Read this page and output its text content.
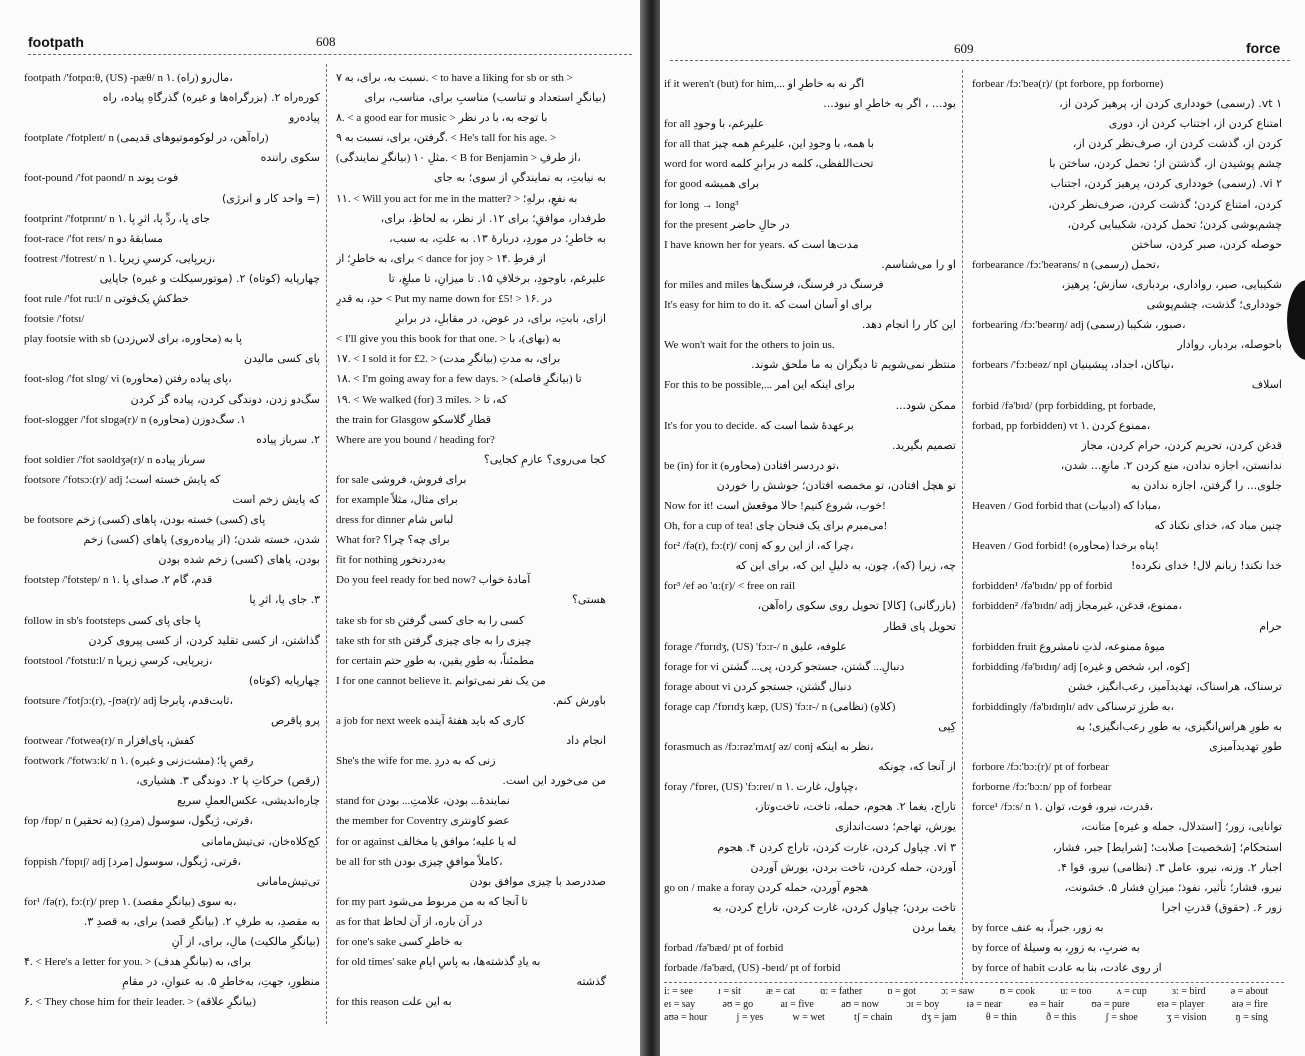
footpath	608
footpath /'fotpɑ:θ, (US) -pæθ/ n ۱. (راه) مال‌رو،
کوره‌راه ۲. (بزرگراه‌ها و غیره) گذرگاهِ پیاده، راه
پیاده‌رو
footplate /'fotpleɪt/ n (راه‌آهن، در لوکوموتیوهای قدیمی)
سکوی راننده
foot-pound /'fot paond/ n فوت پوند
(= واحد کار و انرژی)
footprint /'fotprɪnt/ n ۱. جای پا، ردِّ پا، اثرِ پا
foot-race /'fot reɪs/ n مسابقهٔ دو
footrest /'fotrest/ n ۱. زیرپایی، کرسیِ زیرپا،
چهارپایه (کوتاه) ۲. (موتورسیکلت و غیره) جاپایی
foot rule /'fot ru:l/ n خط‌کشِ یک‌فوتی
footsie /'fotsɪ/
play footsie with sb (محاوره، برای لاس‌زدن) پا به
پای کسی مالیدن
foot-slog /'fot slɒg/ vi (محاوره) پای پیاده رفتن،
سگ‌دو زدن، دوندگی کردن، پیاده گز کردن
foot-slogger /'fot slɒgə(r)/ n (محاوره) ۱. سگ‌دوزن
۲. سرباز پیاده
foot soldier /'fot səoldʒə(r)/ n سرباز پیاده
footsore /'fotsɔ:(r)/ adj که پایش خسته است؛
که پایش زخم است
be footsore پای (کسی) خسته بودن، پاهای (کسی) زخم
شدن، خسته شدن؛ (از پیاده‌روی) پاهای (کسی) زخم
بودن، پاهای (کسی) زخم شده بودن
footstep /'fotstep/ n ۱. قدم، گام ۲. صدای پا
۳. جای پا، اثرِ پا
follow in sb's footsteps پا جای پای کسی
گذاشتن، از کسی تقلید کردن، از کسی پیروی کردن
footstool /'fotstu:l/ n زیرپایی، کرسیِ زیرپا،
چهارپایه (کوتاه)
footsure /'fotʃɔ:(r), -ʃʊə(r)/ adj ثابت‌قدم، پابرجا،
پرو پاقرص
footwear /'fotweə(r)/ n کفش، پای‌افزار
footwork /'fotwɜ:k/ n ۱. (مشت‌زنی و غیره) رقصِ پا؛
(رقص) حرکاتِ پا ۲. دوندگی ۳. هشیاری،
چاره‌اندیشی، عکس‌العملِ سریع
fop /fɒp/ n (به تحقیر) (مردِ) قرتی، ژیگول، سوسول،
کج‌کلاه‌خان، تی‌تیش‌مامانی
foppish /'fɒpɪʃ/ adj [مرد] قرتی، ژیگول، سوسول،
تی‌تیش‌مامانی
for¹ /fə(r), fɔ:(r)/ prep ۱. (بیانگرِ مقصد) به سوی،
به مقصدِ، به طرفِ ۲. (بیانگرِ قصد) برای، به قصدِ ۳.
(بیانگرِ مالکیت) مالِ، برای، از آنِ
۴. < Here's a letter for you. > (بیانگرِ هدف) برای، به
منظورِ، جهتِ، به‌خاطرِ ۵. به عنوانِ، در مقامِ
۶. < They chose him for their leader. > (بیانگرِ علاقه)
نسبت به، برای، به ۷. < to have a liking for sb or sth >
(بیانگرِ استعداد و تناسب) مناسبِ برای، مناسب، برای
۸. < a good ear for music > با توجه به، با در نظر
گرفتن، برای، نسبت به ۹. < He's tall for his age. >
(بیانگرِ نمایندگی) مثلِ ۱۰. < B for Benjamin > از طرفِ،
به نیابتِ، به نمایندگیِ از سوی؛ به جای
۱۱. < Will you act for me in the matter? > به نفعِ، برلهِ؛
طرفدار، موافقِ؛ برای ۱۲. از نظر، به لحاظِ، برای،
به خاطرِ؛ در موردِ، دربارهٔ ۱۳. به علتِ، به سبب،
برای، به خاطرِ؛ از < dance for joy > ۱۴. از فرطِ
علیرغم، باوجودِ، برخلافِ ۱۵. تا میزانِ، تا مبلغِ، تا
حدِ، به قدرِ < Put my name down for £5! > ۱۶. در
ازای، بابتِ، برای، در عوض، در مقابلِ، در برابرِ
< I'll give you this book for that one. > به (بهای)، با
۱۷. < I sold it for £2. > (بیانگرِ مدت) برای، به مدتِ
۱۸. < I'm going away for a few days. > (بیانگرِ فاصله) تا
۱۹. < We walked (for) 3 miles. > که، تا
the train for Glasgow قطارِ گلاسکو
Where are you bound / heading for?
کجا می‌روی؟ عازمِ کجایی؟
for sale برای فروش، فروشی
for example برای مثال، مثلاً
dress for dinner لباس شام
What for? برای چه؟ چرا؟
fit for nothing به‌دردنخور
Do you feel ready for bed now? آمادهٔ خواب
هستی؟
take sb for sb کسی را به جای کسی گرفتن
take sth for sth چیزی را به جای چیزی گرفتن
for certain مطمئناً، به طورِ یقین، به طورِ حتم
I for one cannot believe it. من یک نفر نمی‌توانم
باورش کنم.
a job for next week کاری که باید هفتهٔ آینده
انجام داد
She's the wife for me. زنی که به دردِ
من می‌خورد این است.
stand for نمایندهٔ... بودن، علامتِ... بودن
the member for Coventry عضو کاونتری
for or against له یا علیه؛ موافق یا مخالف
be all for sth کاملاً موافقِ چیزی بودن،
صددرصد با چیزی موافق بودن
for my part تا آنجا که به من مربوط می‌شود
as for that در آن باره، از آن لحاظ
for one's sake به خاطرِ کسی
for old times' sake به یادِ گذشته‌ها، به پاسِ ایامِ
گذشته
for this reason به این علت
609	force
if it weren't (but) for him,... اگر نه به خاطرِ او
بود... ، اگر به خاطرِ او نبود...
for all علیرغم، با وجودِ
for all that با همه، با وجودِ این، علیرغمِ همه چیز
word for word تحت‌اللفظی، کلمه در برابرِ کلمه
for good برای همیشه
for long → long³
for the present در حالِ حاضر
I have known her for years. مدت‌ها است که
او را می‌شناسم.
for miles and miles فرسنگ در فرسنگ، فرسنگ‌ها
It's easy for him to do it. برای او آسان است که
این کار را انجام دهد.
We won't wait for the others to join us.
منتظر نمی‌شویم تا دیگران به ما ملحق شوند.
For this to be possible,... برای اینکه این امر
ممکن شود...
It's for you to decide. برعهدهٔ شما است که
تصمیم بگیرید.
be (in) for it (محاوره) تو دردسر افتادن،
تو هچل افتادن، تو مخمصه افتادن؛ جوشش را خوردن
Now for it! خوب، شروع کنیم! حالا موقعش است!
Oh, for a cup of tea! می‌میرم برای یک فنجان چای!
for² /fə(r), fɔ:(r)/ conj چرا که، از این رو که،
چه، زیرا (که)، چون، به دلیلِ این که، برای این که
for³ /ef əo 'ɑ:(r)/ < free on rail
(بازرگانی) [کالا] تحویل روی سکوی راه‌آهن،
تحویل پای قطار
forage /'fɒrɪdʒ, (US) 'fɔ:r-/ n علوفه، علیق
forage for vi دنبالِ... گشتن، جستجو کردن، پی... گشتن
forage about vi دنبال گشتن، جستجو کردن
forage cap /'fɒrɪdʒ kæp, (US) 'fɔ:r-/ n (نظامی) (کلاهِ)
کِپی
forasmuch as /fɔ:rəz'mʌtʃ əz/ conj نظر به اینکه،
از آنجا که، چونکه
foray /'fɒreɪ, (US) 'fɔ:reɪ/ n ۱. چپاول، غارت،
تاراج، یغما ۲. هجوم، حمله، تاخت، تاخت‌وتاز،
یورش، تهاجم؛ دست‌اندازی
vi ۳. چپاول کردن، غارت کردن، تاراج کردن ۴. هجوم
آوردن، حمله کردن، تاخت بردن، یورش آوردن
go on / make a foray هجوم آوردن، حمله کردن
تاخت بردن؛ چپاول کردن، غارت کردن، تاراج کردن، به
یغما بردن
forbad /fə'bæd/ pt of forbid
forbade /fə'bæd, (US) -beɪd/ pt of forbid
forbear /fɔ:'beə(r)/ (pt forbore, pp forborne)
vt ۱. (رسمی) خودداری کردن از، پرهیز کردن از،
امتناع کردن از، اجتناب کردن از، دوری
کردن از، گذشت کردن از، صرف‌نظر کردن از،
چشم پوشیدن از، گذشتن از؛ تحمل کردن، ساختن با
vi ۲. (رسمی) خودداری کردن، پرهیز کردن، اجتناب
کردن، امتناع کردن؛ گذشت کردن، صرف‌نظر کردن،
چشم‌پوشی کردن؛ تحمل کردن، شکیبایی کردن،
حوصله کردن، صبر کردن، ساختن
forbearance /fɔ:'beərəns/ n (رسمی) تحمل،
شکیبایی، صبر، رواداری، بردباری، سازش؛ پرهیز،
خودداری؛ گذشت، چشم‌پوشی
forbearing /fɔ:'beərɪŋ/ adj (رسمی) صبور، شکیبا،
باحوصله، بردبار، روادار
forbears /'fɔ:beəz/ npl نیاکان، اجداد، پیشینیان،
اسلاف
forbid /fə'bɪd/ (prp forbidding, pt forbade,
forbad, pp forbidden) vt ۱. ممنوع کردن،
قدغن کردن، تحریم کردن، حرام کردن، مجاز
ندانستن، اجازه ندادن، منع کردن ۲. مانعِ... شدن،
جلوی... را گرفتن، اجازه ندادن به
Heaven / God forbid that (ادبیات) مبادا که،
چنین مباد که، خدای نکناد که
Heaven / God forbid! (محاوره) پناه برخدا!
خدا نکند! زبانم لال! خدای نکرده!
forbidden¹ /fə'bɪdn/ pp of forbid
forbidden² /fə'bɪdn/ adj ممنوع، قدغن، غیرمجاز،
حرام
forbidden fruit میوهٔ ممنوعه، لذتِ نامشروع
forbidding /fə'bɪdɪŋ/ adj [کوه، ابر، شخص و غیره]
ترسناک، هراسناک، تهدیدآمیز، رعب‌انگیز، خشن
forbiddingly /fə'bɪdɪŋlɪ/ adv به طرزِ ترسناکی،
به طورِ هراس‌انگیزی، به طورِ رعب‌انگیزی؛ به
طورِ تهدیدآمیزی
forbore /fɔ:'bɔ:(r)/ pt of forbear
forborne /fɔ:'bɔ:n/ pp of forbear
force¹ /fɔ:s/ n ۱. قدرت، نیرو، قوت، توان،
توانایی، زور؛ [استدلال، جمله و غیره] متانت،
استحکام؛ [شخصیت] صلابت؛ [شرایط] جبر، فشار،
اجبار ۲. وزنه، نیرو، عامل ۳. (نظامی) نیرو، قوا ۴.
نیرو، فشار؛ تأثیر، نفوذ؛ میزانِ فشار ۵. خشونت،
زور ۶. (حقوق) قدرتِ اجرا
by force به زور، جبراً، به عنف
by force of به ضربِ، به زورِ، به وسیلهٔ
by force of habit از روی عادت، بنا به عادت
i: = see	ɪ = sit	æ = cat	ɑ: = father	ɒ = got	ɔ: = saw	ʊ = cook	u: = too	ʌ = cup	ɜ: = bird	ə = about
eɪ = say	əʊ = go	aɪ = five	aʊ = now	ɔɪ = boy	ɪə = near	eə = hair	ʊə = pure	eɪə = player	aɪə = fire
aʊə = hour	j = yes	w = wet	tʃ = chain	dʒ = jam	θ = thin	ð = this	ʃ = shoe	ʒ = vision	ŋ = sing
